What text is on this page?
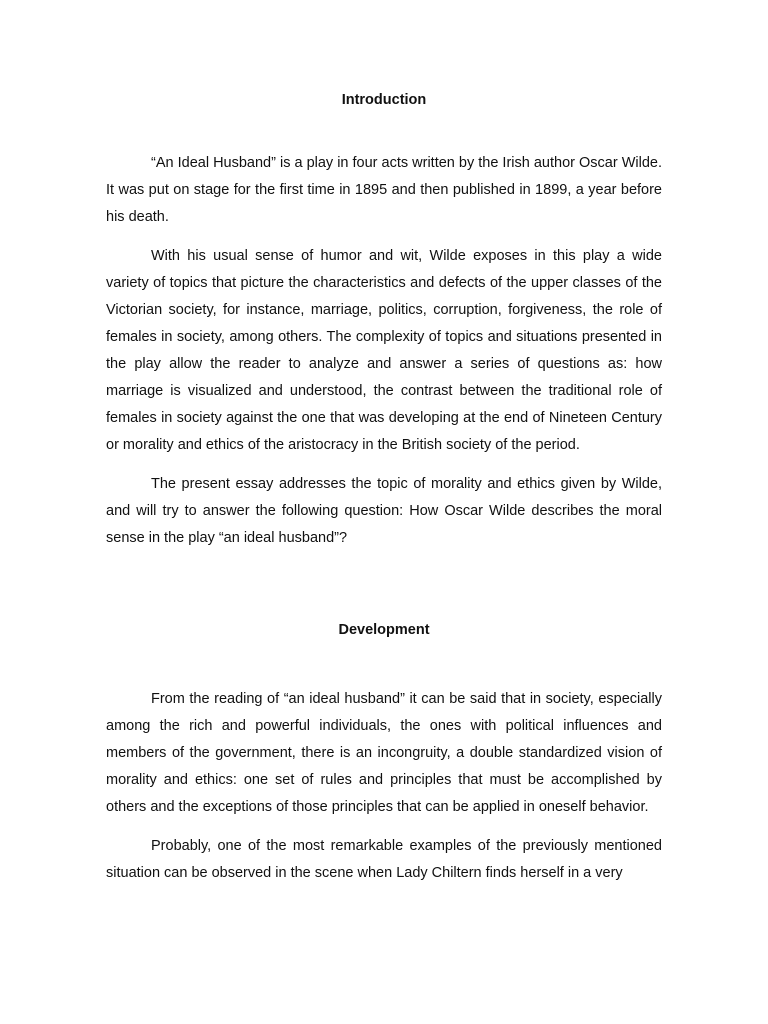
Introduction

“An Ideal Husband” is a play in four acts written by the Irish author Oscar Wilde. It was put on stage for the first time in 1895 and then published in 1899, a year before his death.

With his usual sense of humor and wit, Wilde exposes in this play a wide variety of topics that picture the characteristics and defects of the upper classes of the Victorian society, for instance, marriage, politics, corruption, forgiveness, the role of females in society, among others. The complexity of topics and situations presented in the play allow the reader to analyze and answer a series of questions as: how marriage is visualized and understood, the contrast between the traditional role of females in society against the one that was developing at the end of Nineteen Century or morality and ethics of the aristocracy in the British society of the period.

The present essay addresses the topic of morality and ethics given by Wilde, and will try to answer the following question: How Oscar Wilde describes the moral sense in the play “an ideal husband”?

Development

From the reading of “an ideal husband” it can be said that in society, especially among the rich and powerful individuals, the ones with political influences and members of the government, there is an incongruity, a double standardized vision of morality and ethics: one set of rules and principles that must be accomplished by others and the exceptions of those principles that can be applied in oneself behavior.

Probably, one of the most remarkable examples of the previously mentioned situation can be observed in the scene when Lady Chiltern finds herself in a very
